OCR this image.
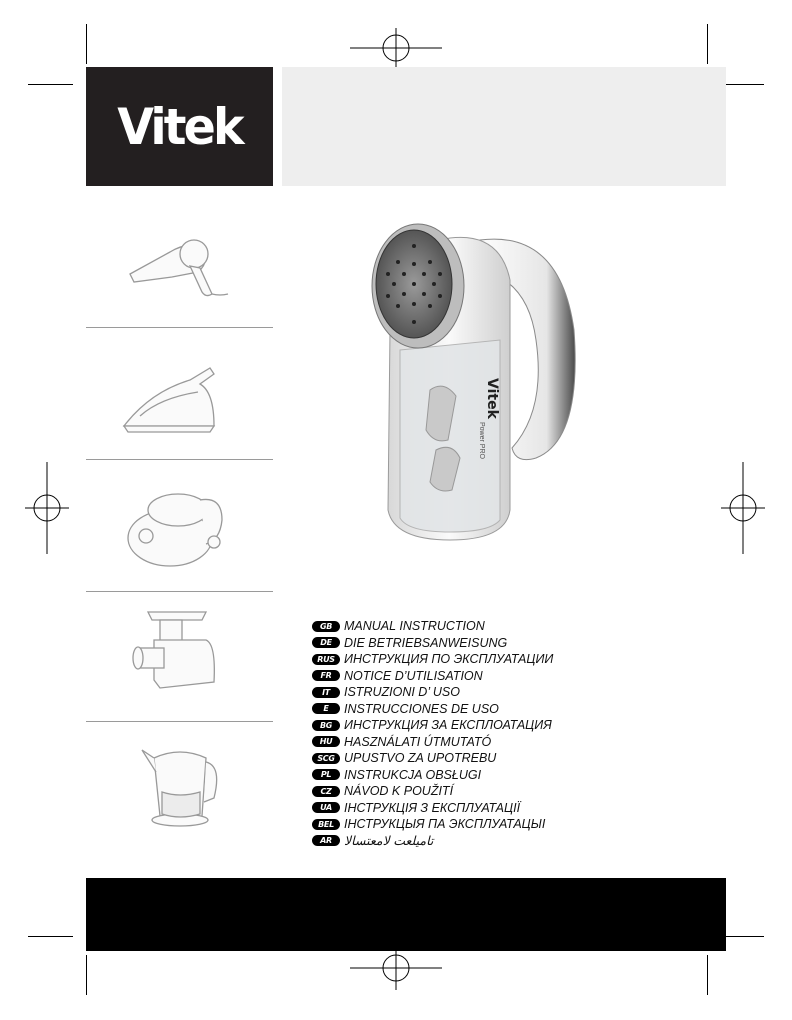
Vitek
Vitek
Power PRO
GB MANUAL INSTRUCTION
DE DIE BETRIEBSANWEISUNG
RUS ИНСТРУКЦИЯ ПО ЭКСПЛУАТАЦИИ
FR NOTICE D’UTILISATION
IT	ISTRUZIONI D’ USO
E	INSTRUCCIONES DE USO
BG ИНСТРУКЦИЯ ЗА ЕКСПЛОАТАЦИЯ
HU HASZNÁLATI ÚTMUTATÓ
SCG UPUSTVO ZA UPOTREBU
PL	INSTRUKCJA OBSŁUGI
CZ NÁVOD K POUŽITÍ
UA ІНСТРУКЦІЯ З ЕКСПЛУАТАЦІЇ
BEL ІНСТРУКЦЫЯ ПА ЭКСПЛУАТАЦЫІ
AR تاميلعت لامعتسالا
